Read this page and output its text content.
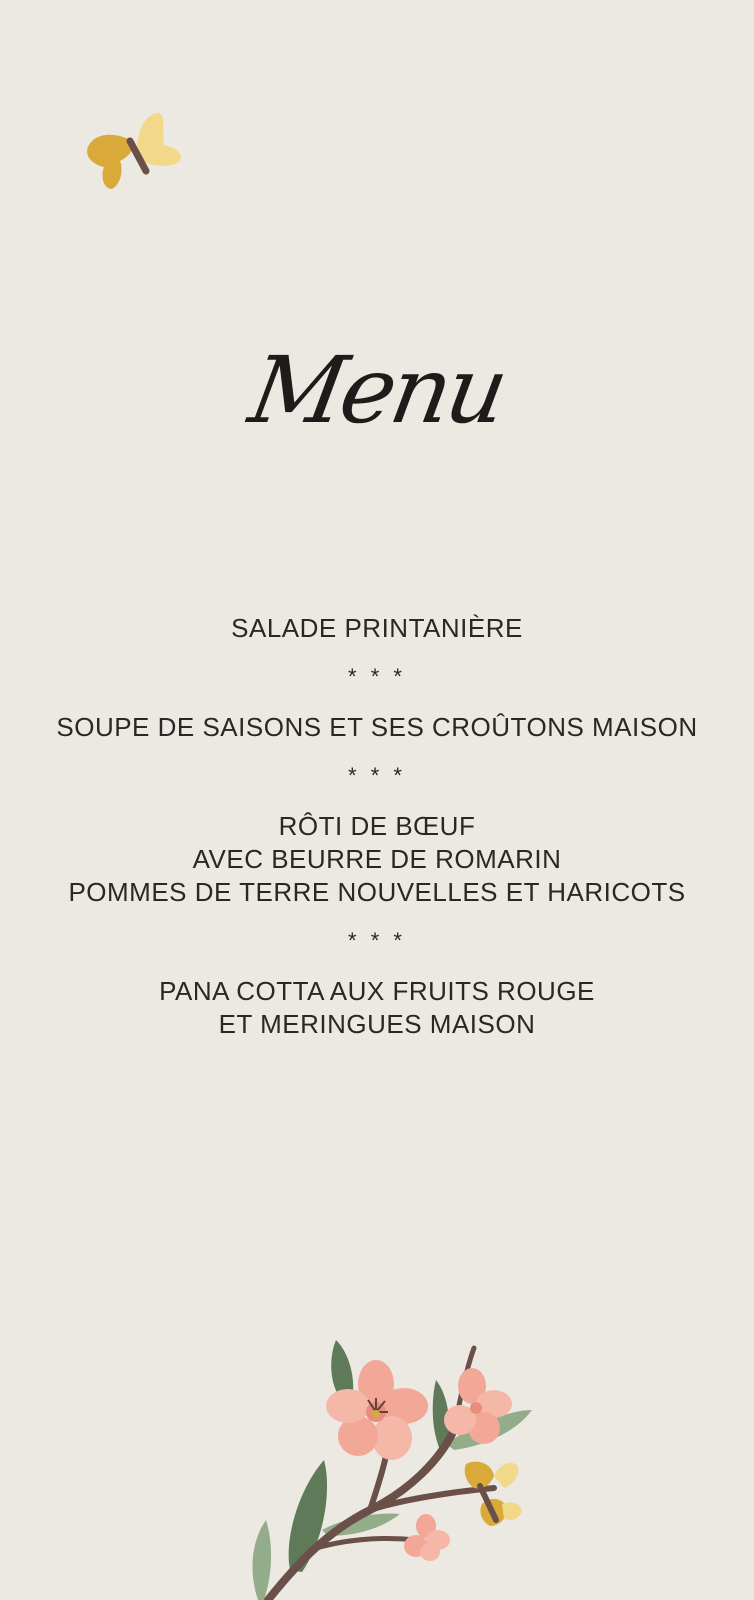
Menu
SALADE PRINTANIÈRE
* * *
SOUPE DE SAISONS ET SES CROÛTONS MAISON
* * *
RÔTI DE BŒUF
AVEC BEURRE DE ROMARIN
POMMES DE TERRE NOUVELLES ET HARICOTS
* * *
PANA COTTA AUX FRUITS ROUGE
ET MERINGUES MAISON
